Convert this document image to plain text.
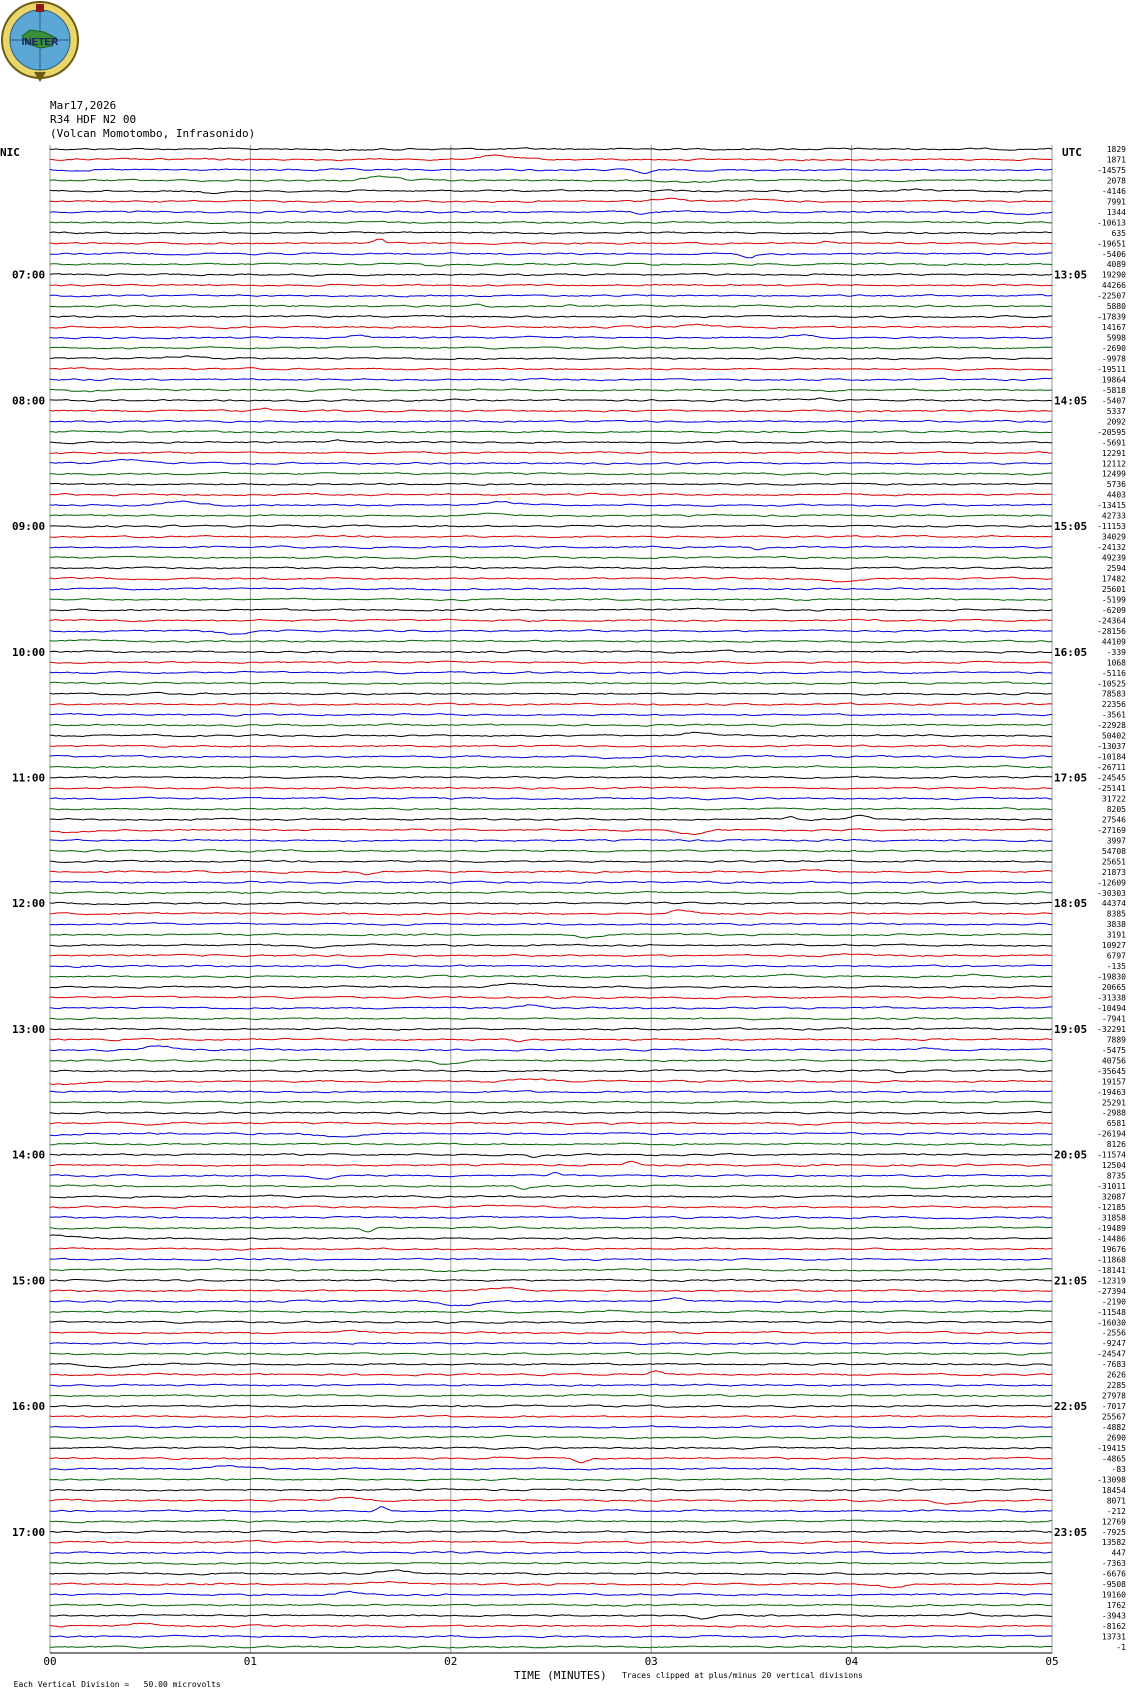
INETER
Mar17,2026
R34 HDF N2 00
(Volcan Momotombo, Infrasonido)
07:00
08:00
09:00
10:00
11:00
12:00
13:00
14:00
15:00
16:00
17:00
13:05
14:05
15:05
16:05
17:05
18:05
19:05
20:05
21:05
22:05
23:05
1829
1871
-14575
2078
-4146
7991
1344
-10613
635
-19651
-5406
4089
19290
44266
-22507
5880
-17839
14167
5998
-2690
-9978
-19511
19864
-5818
-5407
5337
2092
-20595
-5691
12291
12112
12499
5736
4403
-13415
42733
-11153
34029
-24132
49239
2594
17482
25601
-5199
-6209
-24364
-28156
44109
-339
1068
-5116
-10525
78583
22356
-3561
-22928
50402
-13037
-10184
-26711
-24545
-25141
31722
8205
27546
-27169
3997
54708
25651
21873
-12609
-30303
44374
8385
3838
3191
10927
6797
-135
-19830
20665
-31338
-10494
-7941
-32291
7889
-5475
40756
-35645
19157
-19463
25291
-2988
6581
-26194
8126
-11574
12504
8735
-31011
32087
-12185
31858
-19489
-14486
19676
-11868
-18141
-12319
-27394
-2190
-11548
-16030
-2556
-9247
-24547
-7683
2626
2285
27978
-7017
25567
-4882
2690
-19415
-4865
-83
-13098
18454
8071
-212
12769
-7925
13582
447
-7363
-6676
-9508
19160
1762
-3943
-8162
13731
-1
00	01	02	03	04	05
NIC	UTC

Each Vertical Division =   50.00 microvolts

TIME (MINUTES) Traces clipped at plus/minus 20 vertical divisions
